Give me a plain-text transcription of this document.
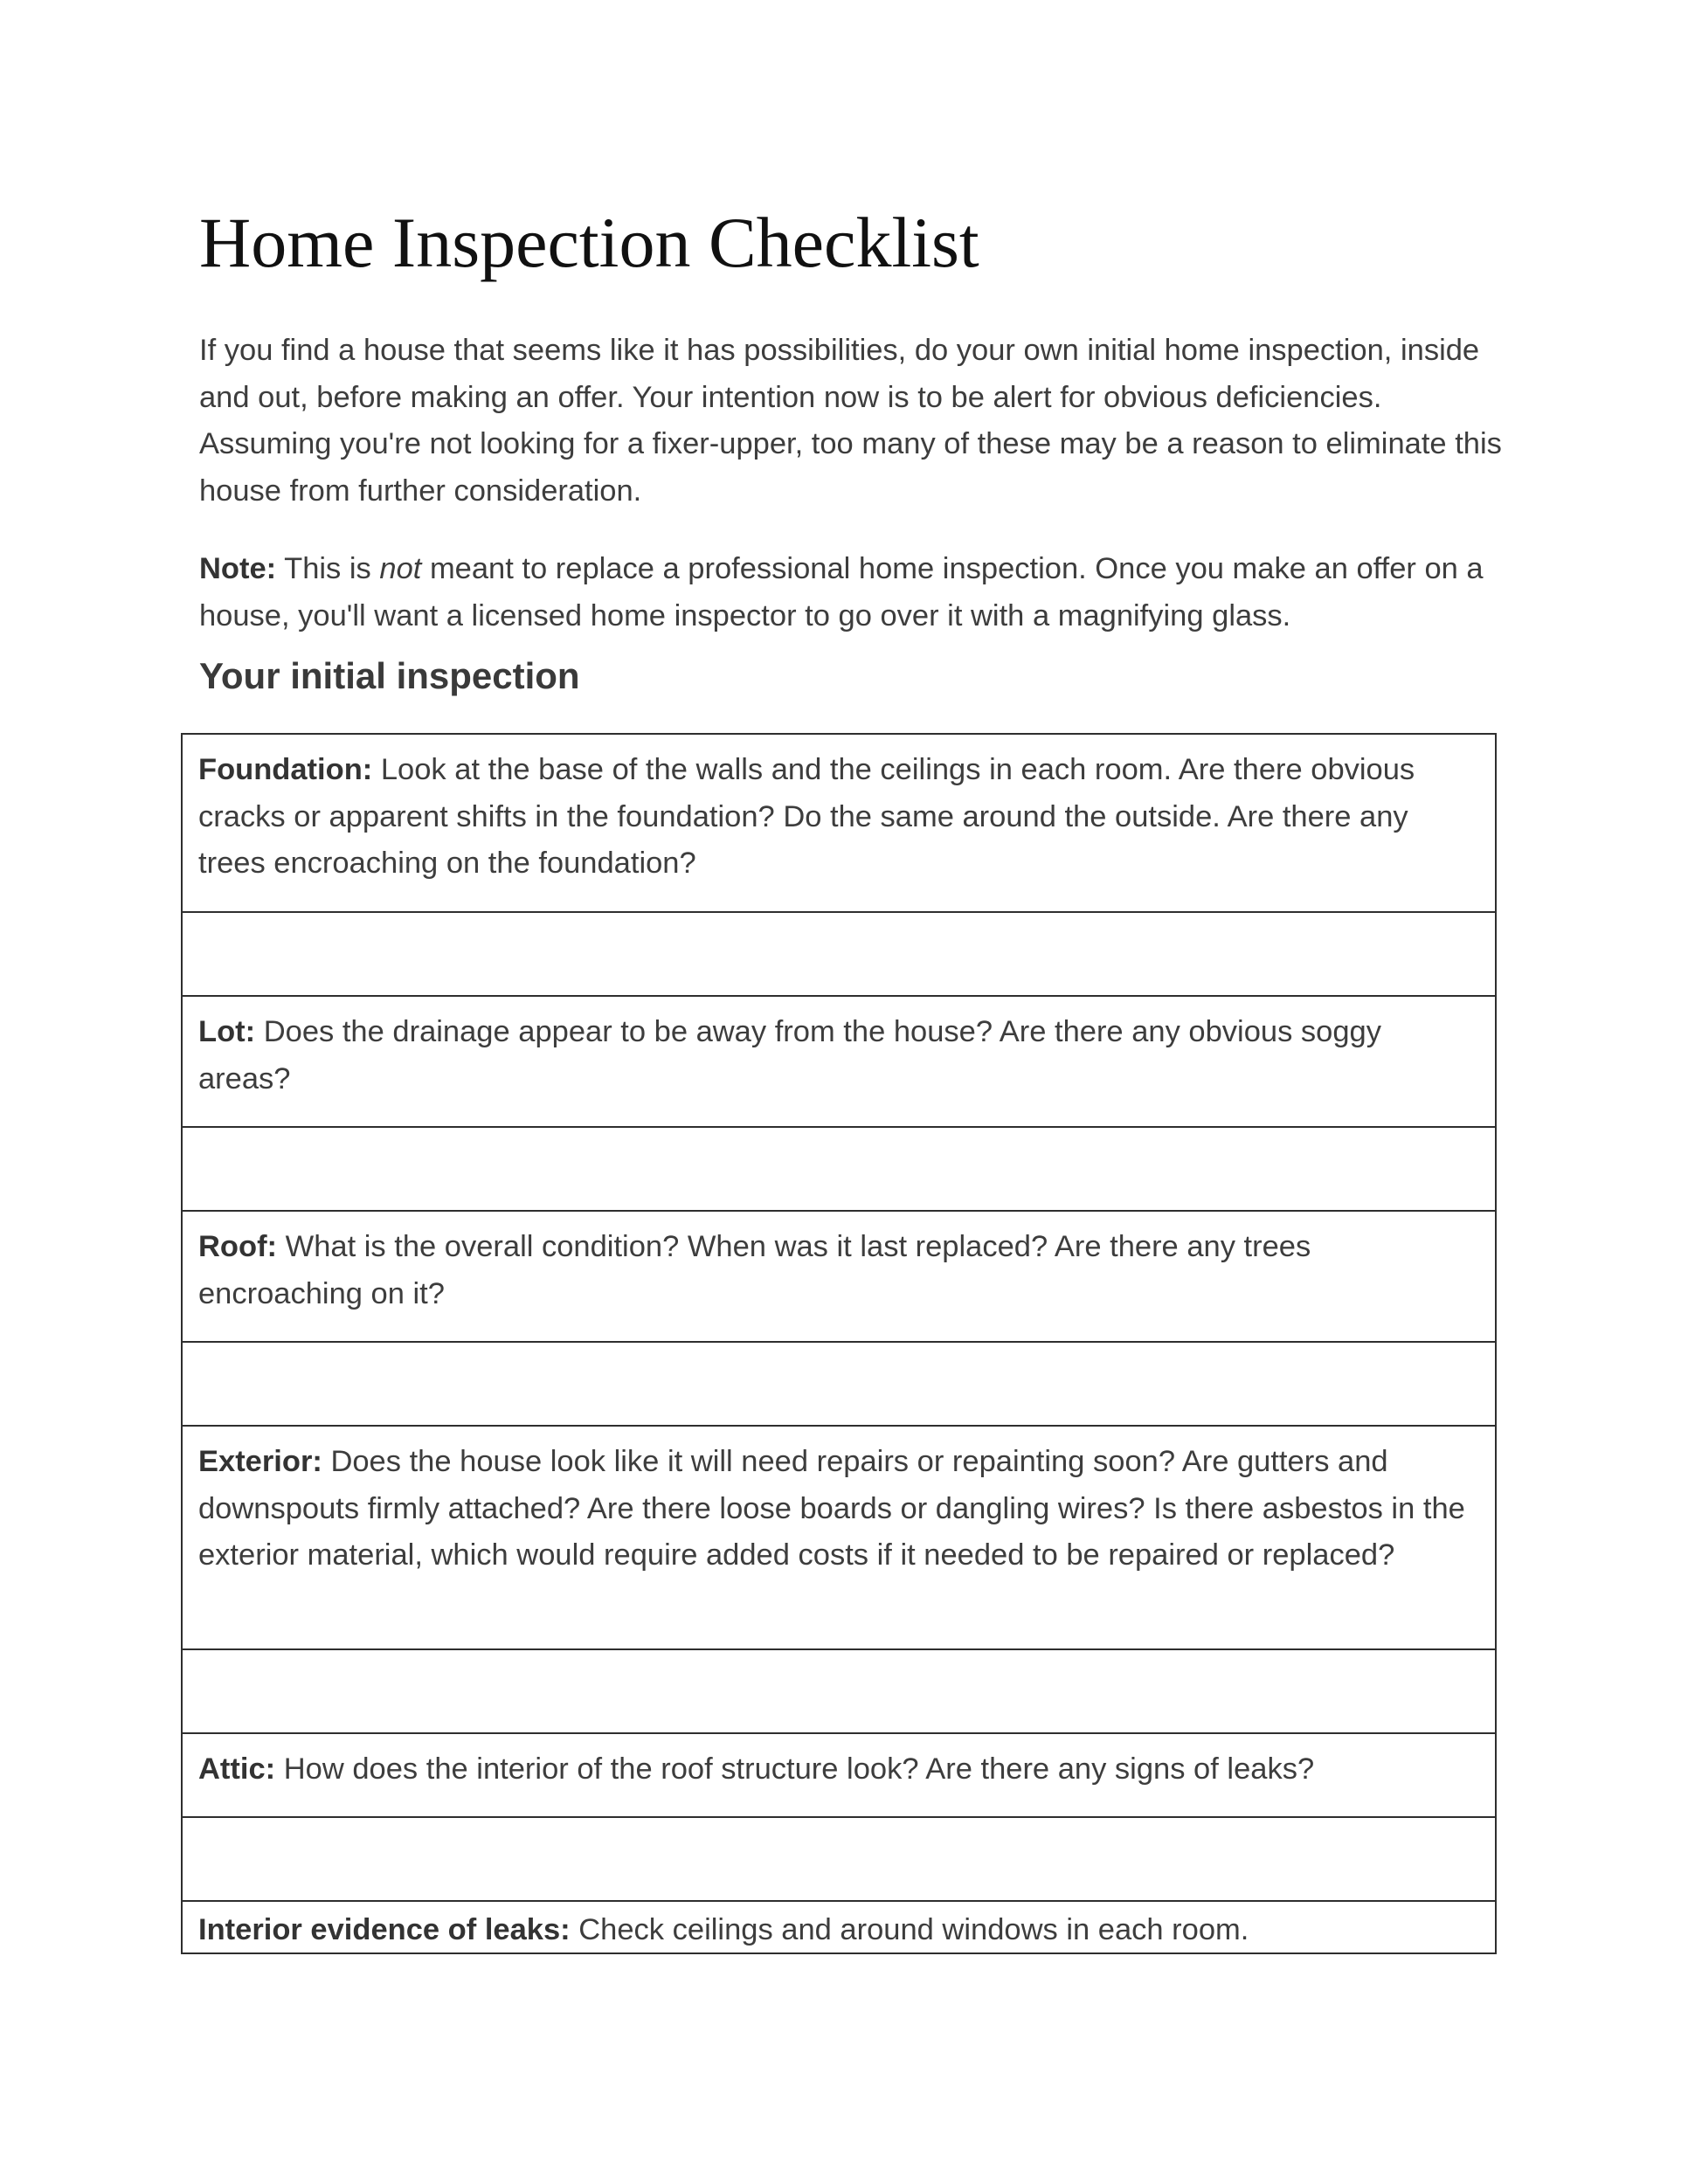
Home Inspection Checklist

If you find a house that seems like it has possibilities, do your own initial home inspection, inside and out, before making an offer. Your intention now is to be alert for obvious deficiencies. Assuming you're not looking for a fixer-upper, too many of these may be a reason to eliminate this house from further consideration.

Note: This is not meant to replace a professional home inspection. Once you make an offer on a house, you'll want a licensed home inspector to go over it with a magnifying glass.

Your initial inspection

Foundation: Look at the base of the walls and the ceilings in each room. Are there obvious cracks or apparent shifts in the foundation? Do the same around the outside. Are there any trees encroaching on the foundation?

Lot: Does the drainage appear to be away from the house? Are there any obvious soggy areas?

Roof: What is the overall condition? When was it last replaced? Are there any trees encroaching on it?

Exterior: Does the house look like it will need repairs or repainting soon? Are gutters and downspouts firmly attached? Are there loose boards or dangling wires? Is there asbestos in the exterior material, which would require added costs if it needed to be repaired or replaced?

Attic: How does the interior of the roof structure look? Are there any signs of leaks?

Interior evidence of leaks: Check ceilings and around windows in each room.
